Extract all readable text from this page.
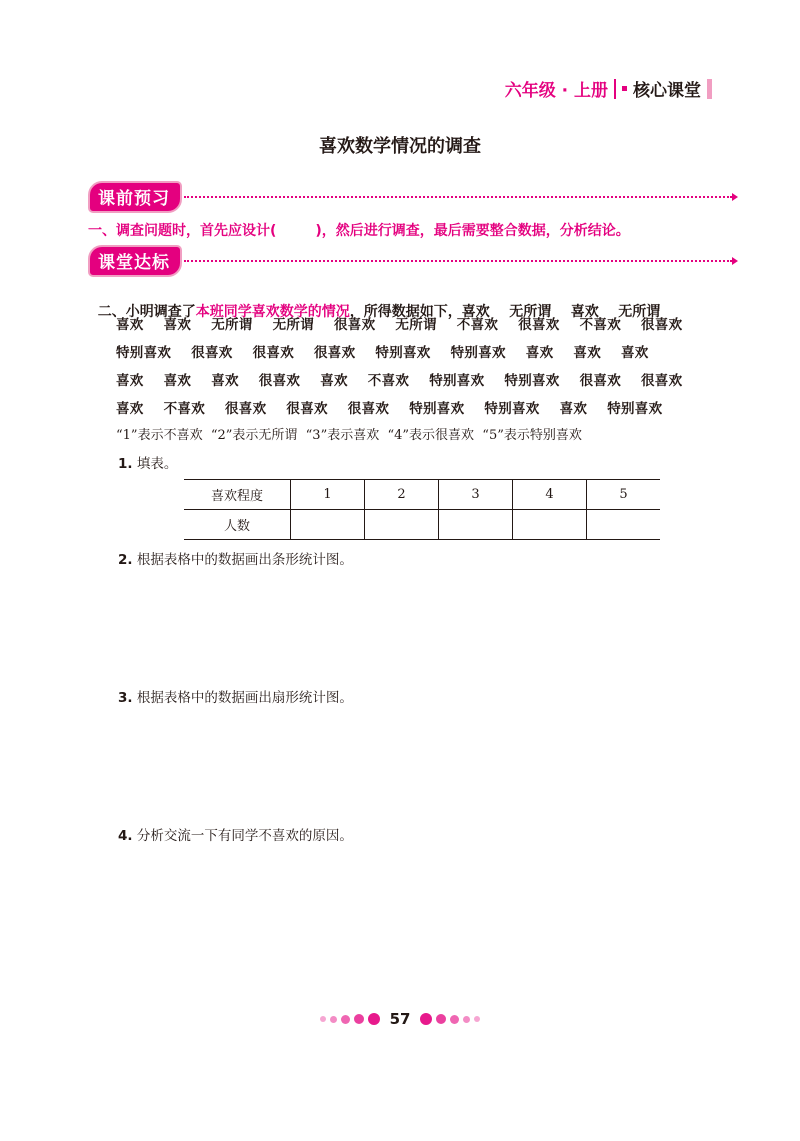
六年级 · 上册 核心课堂
喜欢数学情况的调查
课前预习
一、调查问题时，首先应设计(        )，然后进行调查，最后需要整合数据，分析结论。
课堂达标

二、小明调查了本班同学喜欢数学的情况，所得数据如下，喜欢    无所谓    喜欢    无所谓

喜欢    喜欢    无所谓    无所谓    很喜欢    无所谓    不喜欢    很喜欢    不喜欢    很喜欢
特别喜欢    很喜欢    很喜欢    很喜欢    特别喜欢    特别喜欢    喜欢    喜欢    喜欢
喜欢    喜欢    喜欢    很喜欢    喜欢    不喜欢    特别喜欢    特别喜欢    很喜欢    很喜欢
喜欢    不喜欢    很喜欢    很喜欢    很喜欢    特别喜欢    特别喜欢    喜欢    特别喜欢
“1”表示不喜欢  “2”表示无所谓  “3”表示喜欢  “4”表示很喜欢  “5”表示特别喜欢
1. 填表。
喜欢程度	1	2	3	4	5
人数					
2. 根据表格中的数据画出条形统计图。
3. 根据表格中的数据画出扇形统计图。
4. 分析交流一下有同学不喜欢的原因。
57
